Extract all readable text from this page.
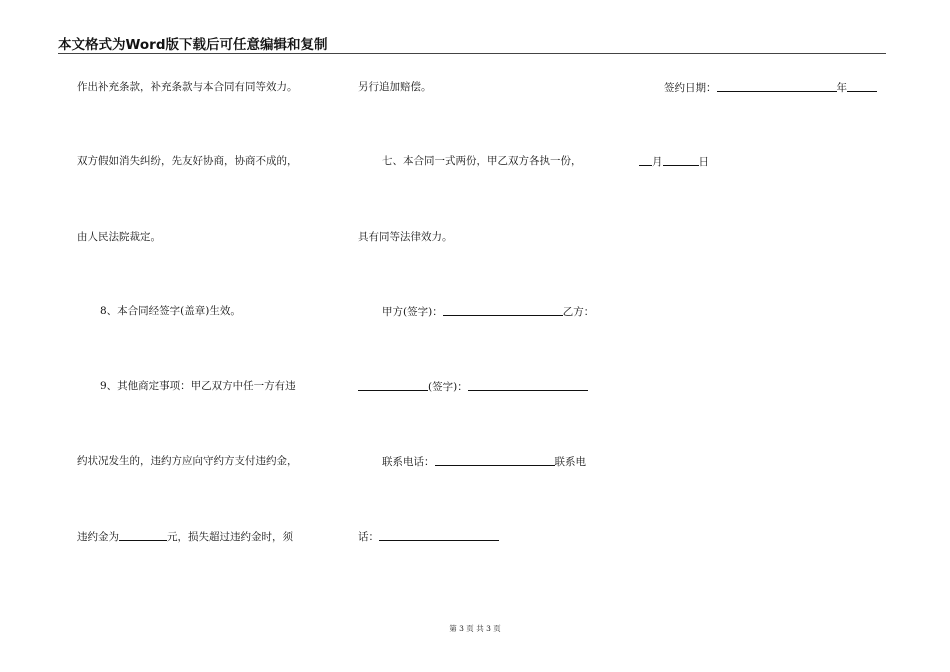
本文格式为Word版下载后可任意编辑和复制
作出补充条款，补充条款与本合同有同等效力。
双方假如消失纠纷，先友好协商，协商不成的，
由人民法院裁定。
8、本合同经签字(盖章)生效。
9、其他商定事项：甲乙双方中任一方有违
约状况发生的，违约方应向守约方支付违约金，
违约金为	元，损失超过违约金时，须
另行追加赔偿。
七、本合同一式两份，甲乙双方各执一份，
具有同等法律效力。
甲方(签字)：	乙方：
(签字)：
联系电话：	联系电
话：
签约日期：	年
月	日
第 3 页 共 3 页
